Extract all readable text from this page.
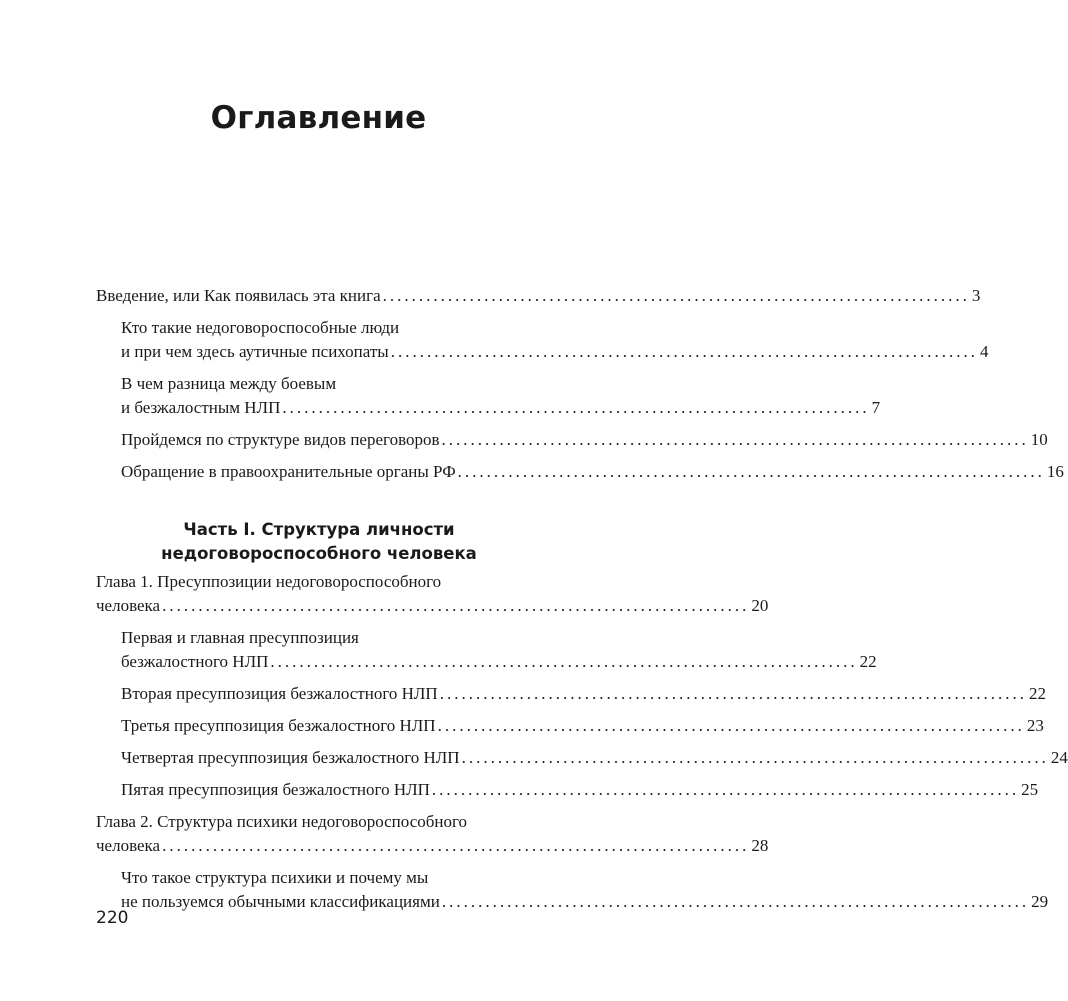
Оглавление
Введение, или Как появилась эта книга ................................................................................. 3
Кто такие недоговороспособные люди
и при чем здесь аутичные психопаты ................................................................................. 4
В чем разница между боевым
и безжалостным НЛП ................................................................................. 7
Пройдемся по структуре видов переговоров ................................................................................. 10
Обращение в правоохранительные органы РФ ................................................................................. 16
Часть I. Структура личности
недоговороспособного человека
Глава 1. Пресуппозиции недоговороспособного
человека ................................................................................. 20
Первая и главная пресуппозиция
безжалостного НЛП ................................................................................. 22
Вторая пресуппозиция безжалостного НЛП ................................................................................. 22
Третья пресуппозиция безжалостного НЛП ................................................................................. 23
Четвертая пресуппозиция безжалостного НЛП ................................................................................. 24
Пятая пресуппозиция безжалостного НЛП ................................................................................. 25
Глава 2. Структура психики недоговороспособного
человека ................................................................................. 28
Что такое структура психики и почему мы
не пользуемся обычными классификациями ................................................................................. 29
220
